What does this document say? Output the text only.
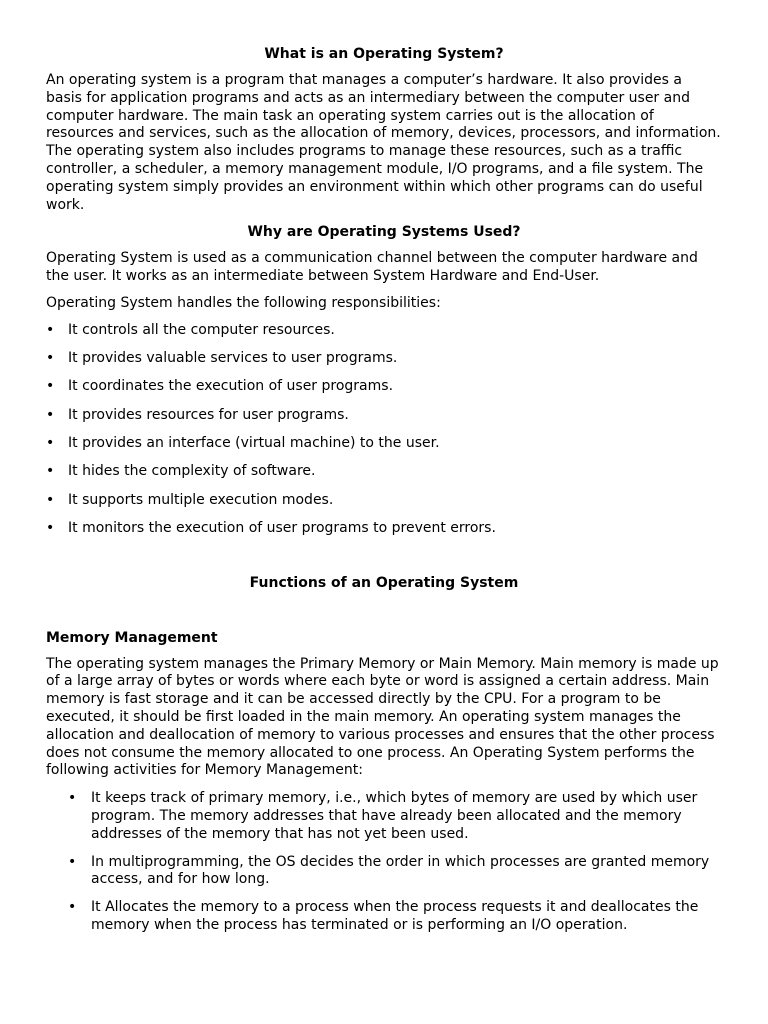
What is an Operating System?

An operating system is a program that manages a computer’s hardware. It also provides a basis for application programs and acts as an intermediary between the computer user and computer hardware. The main task an operating system carries out is the allocation of resources and services, such as the allocation of memory, devices, processors, and information. The operating system also includes programs to manage these resources, such as a traffic controller, a scheduler, a memory management module, I/O programs, and a file system. The operating system simply provides an environment within which other programs can do useful work.

Why are Operating Systems Used?

Operating System is used as a communication channel between the computer hardware and the user. It works as an intermediate between System Hardware and End-User.

Operating System handles the following responsibilities:

• It controls all the computer resources.
• It provides valuable services to user programs.
• It coordinates the execution of user programs.
• It provides resources for user programs.
• It provides an interface (virtual machine) to the user.
• It hides the complexity of software.
• It supports multiple execution modes.
• It monitors the execution of user programs to prevent errors.
Functions of an Operating System
Memory Management

The operating system manages the Primary Memory or Main Memory. Main memory is made up of a large array of bytes or words where each byte or word is assigned a certain address. Main memory is fast storage and it can be accessed directly by the CPU. For a program to be executed, it should be first loaded in the main memory. An operating system manages the allocation and deallocation of memory to various processes and ensures that the other process does not consume the memory allocated to one process. An Operating System performs the following activities for Memory Management:

• It keeps track of primary memory, i.e., which bytes of memory are used by which user program. The memory addresses that have already been allocated and the memory addresses of the memory that has not yet been used.
• In multiprogramming, the OS decides the order in which processes are granted memory access, and for how long.
• It Allocates the memory to a process when the process requests it and deallocates the memory when the process has terminated or is performing an I/O operation.
